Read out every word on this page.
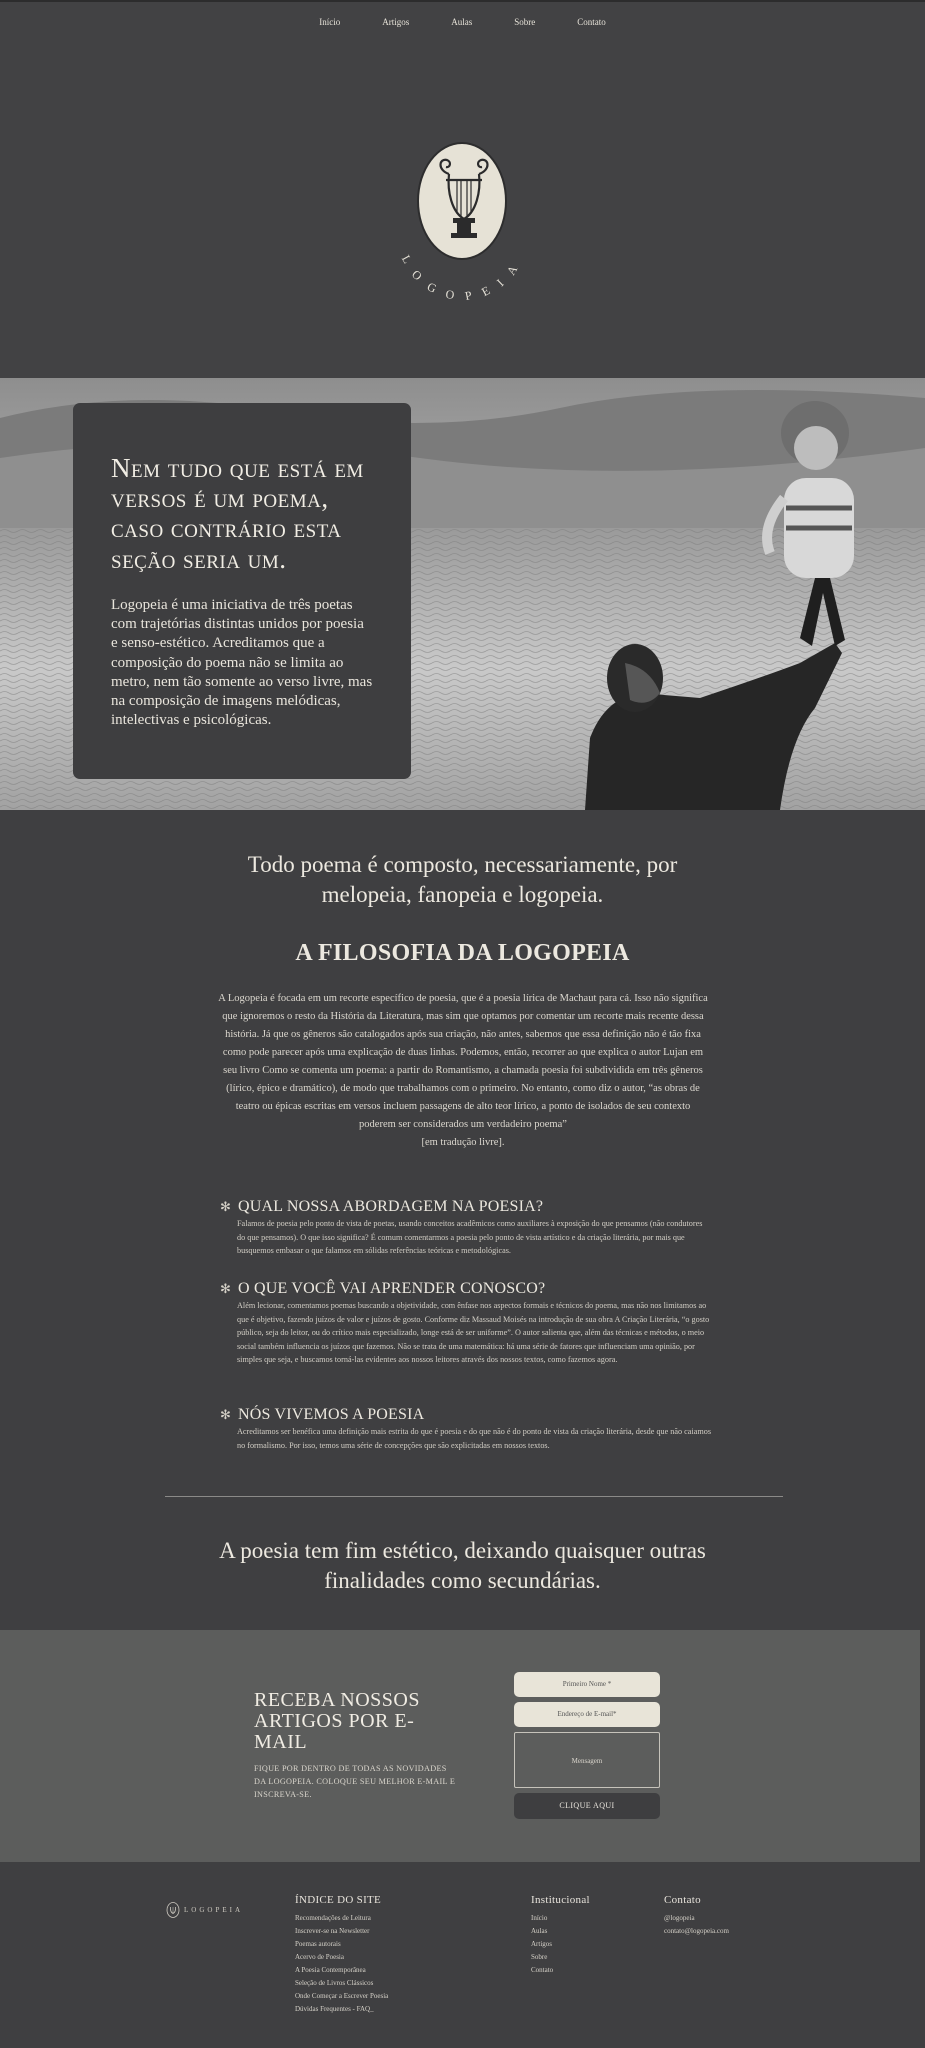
Início	Artigos	Aulas	Sobre	Contato
LOGOPEIA
Nem tudo que está em versos é um poema, caso contrário esta seção seria um.

Logopeia é uma iniciativa de três poetas com trajetórias distintas unidos por poesia e senso-estético. Acreditamos que a composição do poema não se limita ao metro, nem tão somente ao verso livre, mas na composição de imagens melódicas, intelectivas e psicológicas.

Todo poema é composto, necessariamente, por melopeia, fanopeia e logopeia.
A FILOSOFIA DA LOGOPEIA
A Logopeia é focada em um recorte específico de poesia, que é a poesia lírica de Machaut para cá. Isso não significa que ignoremos o resto da História da Literatura, mas sim que optamos por comentar um recorte mais recente dessa história. Já que os gêneros são catalogados após sua criação, não antes, sabemos que essa definição não é tão fixa como pode parecer após uma explicação de duas linhas. Podemos, então, recorrer ao que explica o autor Lujan em seu livro Como se comenta um poema: a partir do Romantismo, a chamada poesia foi subdividida em três gêneros (lírico, épico e dramático), de modo que trabalhamos com o primeiro. No entanto, como diz o autor, “as obras de teatro ou épicas escritas em versos incluem passagens de alto teor lírico, a ponto de isolados de seu contexto poderem ser considerados um verdadeiro poema”
[em tradução livre].
✻ QUAL NOSSA ABORDAGEM NA POESIA?

Falamos de poesia pelo ponto de vista de poetas, usando conceitos acadêmicos como auxiliares à exposição do que pensamos (não condutores do que pensamos). O que isso significa? É comum comentarmos a poesia pelo ponto de vista artístico e da criação literária, por mais que busquemos embasar o que falamos em sólidas referências teóricas e metodológicas.

✻ O QUE VOCÊ VAI APRENDER CONOSCO?

Além lecionar, comentamos poemas buscando a objetividade, com ênfase nos aspectos formais e técnicos do poema, mas não nos limitamos ao que é objetivo, fazendo juízos de valor e juízos de gosto. Conforme diz Massaud Moisés na introdução de sua obra A Criação Literária, “o gosto público, seja do leitor, ou do crítico mais especializado, longe está de ser uniforme”. O autor salienta que, além das técnicas e métodos, o meio social também influencia os juízos que fazemos. Não se trata de uma matemática: há uma série de fatores que influenciam uma opinião, por simples que seja, e buscamos torná-las evidentes aos nossos leitores através dos nossos textos, como fazemos agora.

✻ NÓS VIVEMOS A POESIA

Acreditamos ser benéfica uma definição mais estrita do que é poesia e do que não é do ponto de vista da criação literária, desde que não caiamos no formalismo. Por isso, temos uma série de concepções que são explicitadas em nossos textos.

A poesia tem fim estético, deixando quaisquer outras finalidades como secundárias.
RECEBA NOSSOS ARTIGOS POR E-MAIL
FIQUE POR DENTRO DE TODAS AS NOVIDADES DA LOGOPEIA. COLOQUE SEU MELHOR E-MAIL E INSCREVA-SE.
Primeiro Nome *
Endereço de E-mail*
Mensagem
CLIQUE AQUI
LOGOPEIA
ÍNDICE DO SITE
Recomendações de Leitura
Inscrever-se na Newsletter
Poemas autorais
Acervo de Poesia
A Poesia Contemporânea
Seleção de Livros Clássicos
Onde Começar a Escrever Poesia
Dúvidas Frequentes - FAQ_
Institucional
Início
Aulas
Artigos
Sobre
Contato
Contato
@logopeia
contato@logopeia.com
